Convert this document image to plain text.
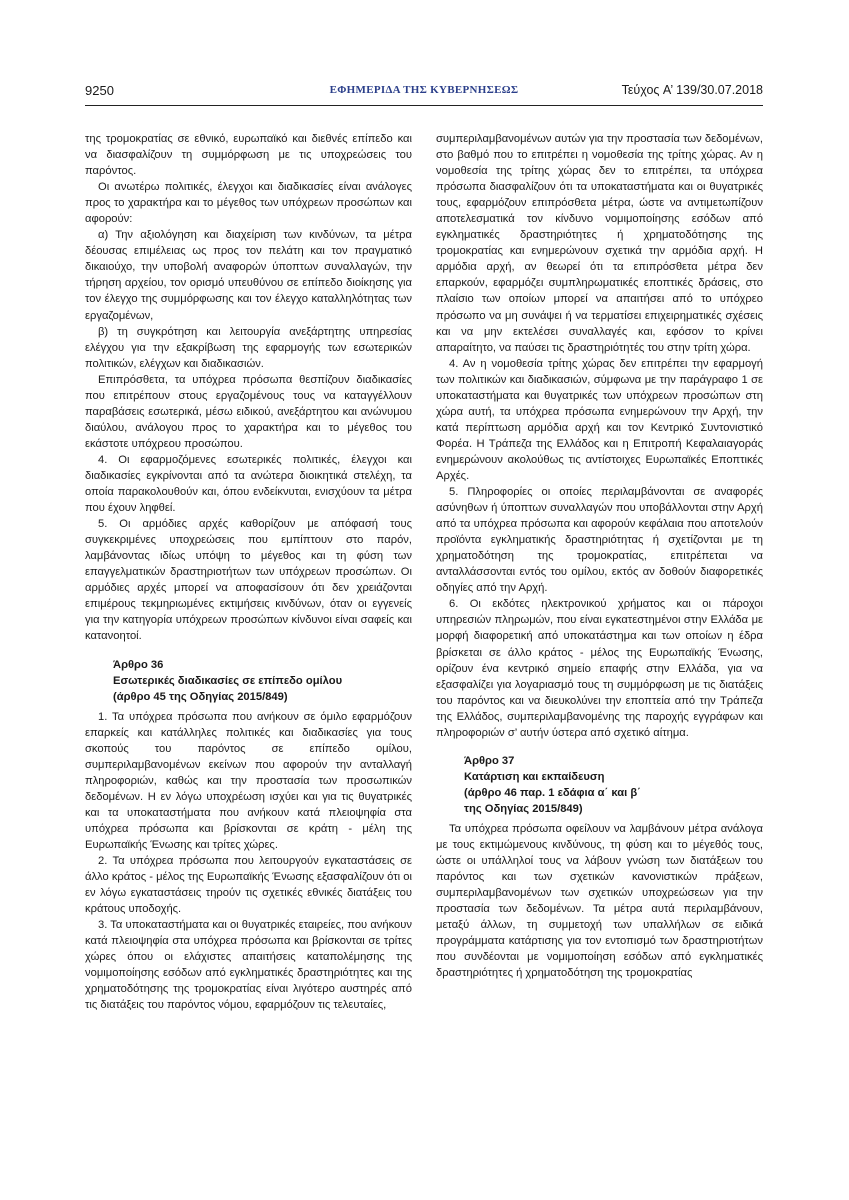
9250	ΕΦΗΜΕΡΙΔΑ ΤΗΣ ΚΥΒΕΡΝΗΣΕΩΣ	Τεύχος A’ 139/30.07.2018

της τρομοκρατίας σε εθνικό, ευρωπαϊκό και διεθνές επίπεδο και να διασφαλίζουν τη συμμόρφωση με τις υποχρεώσεις του παρόντος.

Οι ανωτέρω πολιτικές, έλεγχοι και διαδικασίες είναι ανάλογες προς το χαρακτήρα και το μέγεθος των υπόχρεων προσώπων και αφορούν:

α) Την αξιολόγηση και διαχείριση των κινδύνων, τα μέτρα δέουσας επιμέλειας ως προς τον πελάτη και τον πραγματικό δικαιούχο, την υποβολή αναφορών ύποπτων συναλλαγών, την τήρηση αρχείου, τον ορισμό υπευθύνου σε επίπεδο διοίκησης για τον έλεγχο της συμμόρφωσης και τον έλεγχο καταλληλότητας των εργαζομένων,

β) τη συγκρότηση και λειτουργία ανεξάρτητης υπηρεσίας ελέγχου για την εξακρίβωση της εφαρμογής των εσωτερικών πολιτικών, ελέγχων και διαδικασιών.

Επιπρόσθετα, τα υπόχρεα πρόσωπα θεσπίζουν διαδικασίες που επιτρέπουν στους εργαζομένους τους να καταγγέλλουν παραβάσεις εσωτερικά, μέσω ειδικού, ανεξάρτητου και ανώνυμου διαύλου, ανάλογου προς το χαρακτήρα και το μέγεθος του εκάστοτε υπόχρεου προσώπου.

4. Οι εφαρμοζόμενες εσωτερικές πολιτικές, έλεγχοι και διαδικασίες εγκρίνονται από τα ανώτερα διοικητικά στελέχη, τα οποία παρακολουθούν και, όπου ενδείκνυται, ενισχύουν τα μέτρα που έχουν ληφθεί.

5. Οι αρμόδιες αρχές καθορίζουν με απόφασή τους συγκεκριμένες υποχρεώσεις που εμπίπτουν στο παρόν, λαμβάνοντας ιδίως υπόψη το μέγεθος και τη φύση των επαγγελματικών δραστηριοτήτων των υπόχρεων προσώπων. Οι αρμόδιες αρχές μπορεί να αποφασίσουν ότι δεν χρειάζονται επιμέρους τεκμηριωμένες εκτιμήσεις κινδύνων, όταν οι εγγενείς για την κατηγορία υπόχρεων προσώπων κίνδυνοι είναι σαφείς και κατανοητοί.

Άρθρο 36
Εσωτερικές διαδικασίες σε επίπεδο ομίλου
(άρθρο 45 της Οδηγίας 2015/849)

1. Τα υπόχρεα πρόσωπα που ανήκουν σε όμιλο εφαρμόζουν επαρκείς και κατάλληλες πολιτικές και διαδικασίες για τους σκοπούς του παρόντος σε επίπεδο ομίλου, συμπεριλαμβανομένων εκείνων που αφορούν την ανταλλαγή πληροφοριών, καθώς και την προστασία των προσωπικών δεδομένων. Η εν λόγω υποχρέωση ισχύει και για τις θυγατρικές και τα υποκαταστήματα που ανήκουν κατά πλειοψηφία στα υπόχρεα πρόσωπα και βρίσκονται σε κράτη - μέλη της Ευρωπαϊκής Ένωσης και τρίτες χώρες.

2. Τα υπόχρεα πρόσωπα που λειτουργούν εγκαταστάσεις σε άλλο κράτος - μέλος της Ευρωπαϊκής Ένωσης εξασφαλίζουν ότι οι εν λόγω εγκαταστάσεις τηρούν τις σχετικές εθνικές διατάξεις του κράτους υποδοχής.

3. Τα υποκαταστήματα και οι θυγατρικές εταιρείες, που ανήκουν κατά πλειοψηφία στα υπόχρεα πρόσωπα και βρίσκονται σε τρίτες χώρες όπου οι ελάχιστες απαιτήσεις καταπολέμησης της νομιμοποίησης εσόδων από εγκληματικές δραστηριότητες και της χρηματοδότησης της τρομοκρατίας είναι λιγότερο αυστηρές από τις διατάξεις του παρόντος νόμου, εφαρμόζουν τις τελευταίες,

συμπεριλαμβανομένων αυτών για την προστασία των δεδομένων, στο βαθμό που το επιτρέπει η νομοθεσία της τρίτης χώρας. Αν η νομοθεσία της τρίτης χώρας δεν το επιτρέπει, τα υπόχρεα πρόσωπα διασφαλίζουν ότι τα υποκαταστήματα και οι θυγατρικές τους, εφαρμόζουν επιπρόσθετα μέτρα, ώστε να αντιμετωπίζουν αποτελεσματικά τον κίνδυνο νομιμοποίησης εσόδων από εγκληματικές δραστηριότητες ή χρηματοδότησης της τρομοκρατίας και ενημερώνουν σχετικά την αρμόδια αρχή. Η αρμόδια αρχή, αν θεωρεί ότι τα επιπρόσθετα μέτρα δεν επαρκούν, εφαρμόζει συμπληρωματικές εποπτικές δράσεις, στο πλαίσιο των οποίων μπορεί να απαιτήσει από το υπόχρεο πρόσωπο να μη συνάψει ή να τερματίσει επιχειρηματικές σχέσεις και να μην εκτελέσει συναλλαγές και, εφόσον το κρίνει απαραίτητο, να παύσει τις δραστηριότητές του στην τρίτη χώρα.

4. Αν η νομοθεσία τρίτης χώρας δεν επιτρέπει την εφαρμογή των πολιτικών και διαδικασιών, σύμφωνα με την παράγραφο 1 σε υποκαταστήματα και θυγατρικές των υπόχρεων προσώπων στη χώρα αυτή, τα υπόχρεα πρόσωπα ενημερώνουν την Αρχή, την κατά περίπτωση αρμόδια αρχή και τον Κεντρικό Συντονιστικό Φορέα. Η Τράπεζα της Ελλάδος και η Επιτροπή Κεφαλαιαγοράς ενημερώνουν ακολούθως τις αντίστοιχες Ευρωπαϊκές Εποπτικές Αρχές.

5. Πληροφορίες οι οποίες περιλαμβάνονται σε αναφορές ασύνηθων ή ύποπτων συναλλαγών που υποβάλλονται στην Αρχή από τα υπόχρεα πρόσωπα και αφορούν κεφάλαια που αποτελούν προϊόντα εγκληματικής δραστηριότητας ή σχετίζονται με τη χρηματοδότηση της τρομοκρατίας, επιτρέπεται να ανταλλάσσονται εντός του ομίλου, εκτός αν δοθούν διαφορετικές οδηγίες από την Αρχή.

6. Οι εκδότες ηλεκτρονικού χρήματος και οι πάροχοι υπηρεσιών πληρωμών, που είναι εγκατεστημένοι στην Ελλάδα με μορφή διαφορετική από υποκατάστημα και των οποίων η έδρα βρίσκεται σε άλλο κράτος - μέλος της Ευρωπαϊκής Ένωσης, ορίζουν ένα κεντρικό σημείο επαφής στην Ελλάδα, για να εξασφαλίζει για λογαριασμό τους τη συμμόρφωση με τις διατάξεις του παρόντος και να διευκολύνει την εποπτεία από την Τράπεζα της Ελλάδος, συμπεριλαμβανομένης της παροχής εγγράφων και πληροφοριών σ’ αυτήν ύστερα από σχετικό αίτημα.

Άρθρο 37
Κατάρτιση και εκπαίδευση
(άρθρο 46 παρ. 1 εδάφια α΄ και β΄
της Οδηγίας 2015/849)

Τα υπόχρεα πρόσωπα οφείλουν να λαμβάνουν μέτρα ανάλογα με τους εκτιμώμενους κινδύνους, τη φύση και το μέγεθός τους, ώστε οι υπάλληλοί τους να λάβουν γνώση των διατάξεων του παρόντος και των σχετικών κανονιστικών πράξεων, συμπεριλαμβανομένων των σχετικών υποχρεώσεων για την προστασία των δεδομένων. Τα μέτρα αυτά περιλαμβάνουν, μεταξύ άλλων, τη συμμετοχή των υπαλλήλων σε ειδικά προγράμματα κατάρτισης για τον εντοπισμό των δραστηριοτήτων που συνδέονται με νομιμοποίηση εσόδων από εγκληματικές δραστηριότητες ή χρηματοδότηση της τρομοκρατίας
